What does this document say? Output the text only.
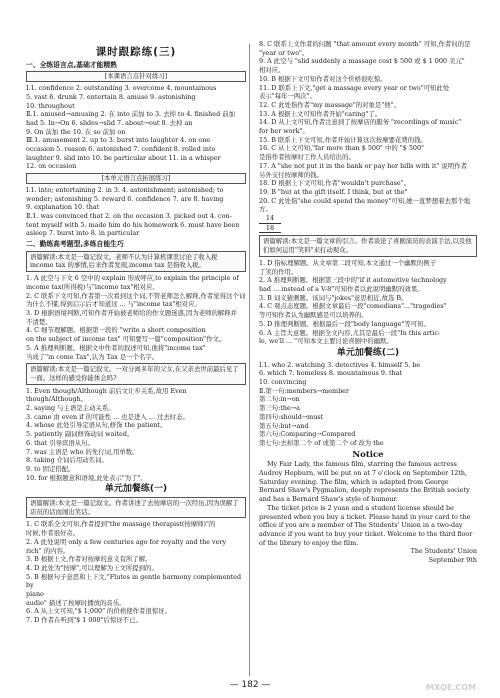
课时跟踪练(三)
一、全练语言点,基础才能精熟
[本课语言点针对练习]

Ⅰ.1. confidence 2. outstanding 3. overcome 4. mountainous

5. vast 6. drunk 7. entertain 8. amuse 9. astonishing

10. throughout

Ⅱ.1. amused→amusing 2. 在 into 前加 to 3. 去掉 to 4. finished 前加

had 5. In→On 6. slides→slid 7. about→out 8. 去掉 an

9. On 前加 the 10. 在 so 前加 on

Ⅲ.1. amusement 2. up to 3. burst into laughter 4. on one

occasion 5. reason 6. astonished 7. confident 8. rolled into

laughter 9. slid into 10. be particular about 11. in a whisper

12. on occasion

[本单元语言点拓展练习]

Ⅰ.1. into; entertaining 2. in 3. 4. astonishment; astonished; to

wonder; astonishing 5. reward 6. confidence 7. are 8. having

9. explanation 10. that

Ⅱ.1. was convinced that 2. on the occasion 3. picked out 4. con-

tent myself with 5. made him do his homework 6. must have been

asleep 7. burst into 8. in particular

二、勤练高考题型,多练自能生巧
语篇解读:本文是一篇记叙文。老师不认为计算机课里讨论了收入税 income tax 的事情,后来作者发现,income tax 是指收入税。

1. A 此空与下文 6 空中的 explain 形成呼应,to explain the principle of

income tax(所得税)与"income tax"相对应。

2. C 联系下文可知,作者第一次看到这个词,不管老师怎么解释,作者觉得这个词

为什么不懂,得到启示后才知道这 ... 与"income tax"相对应。

3. D 根据语境判断,可知作者开始被老师给的作文题迷惑,因为老师的解释并

不清楚。

4. C 细节理解题。根据第一段的 "write a short composition

on the subject of income tax" 可知要写一篇"composition"作文。

5. A 推理判断题。根据文中作者的叙述可知,他将"income tax"

当成了"in come Tax",认为 Tax 是一个名字。

语篇解读:本文是一篇记叙文。一对分离多年的父女,在父亲去世前最后见了一面。这样的感受你能体会吗?

1. Even though/Although 前后文让步关系,故用 Even though/Although。

2. saying 与主语是主动关系。

3. came 由 even if 的可能性 ... 也是进入 ... 过去时态。

4. whose 此处引导定语从句,修饰 the patient。

5. patiently 副词修饰动词 waited。

6. that 引导宾语从句。

7. was 主语是 who 的先行词,用单数。

8. taking 介词后用动名词。

9. to 固定搭配。

10. for 根据题意和语境,此处表示"为了"。

单元加餐练(一)
语篇解读:本文是一篇记叙文。作者讲述了去按摩店的一次经历,因为误解了店员的话而闹出笑话。

1. C 联系全文可知,作者提到"the massage therapist(按摩师)"的

时候,作者很好奇。

2. A 此处说明 only a few centuries ago for royalty and the very

rich" 的内容。

3. B 根据上文,作者对按摩的意义有所了解。

4. D 此处为"按摩",可以理解为上文所提到的。

5. B 根据句子意思和上下文,"Flutes in gentle harmony complemented by

piano

audio" 描述了按摩时播放的音乐。

6. A 从上文可知,"$ 1,000" 的价格使作者很惊讶。

7. D 作者在听到"$ 1 000"后惊讶不已。

8. C 联系上文作者的问题 "that amount every month" 可知,作者问的是

"year or two"。

9. A 此空与 "slid suddenly a massage cost $ 500 或 $ 1 000 美元"

相对应。

10. B 根据下文可知作者对这个价格很吃惊。

11. D 联系上下文,"get a massage every year or two"可知此处

表示"每年一两次"。

12. C 此处指作者"my massage"的对象是"他"。

13. A 根据上文可知作者开始"caring"了。

14. D 从上文可知,作者注意到了按摩店的服务 "recordings of music"

for her work"。

15. B 联系上下文可知,作者开始计算这次按摩要花费的钱。

16. C 从上文可知,"far more than $ 500" 中的 "$ 500"

是指作者按摩时工作人员给出的。

17. A "she not put it in the bank or pay her bills with it" 说明作者

另外支付按摩师的钱。

18. D 根据上下文可知,作者"wouldn't purchase"。

19. B "but at the gift itself. I think, but at the"

20. C 此处指"she could spend the money"可知,她一直梦想着去那个地方。

14

18

语篇解读:本文是一篇文章的引言。作者谈论了喜剧演员的表演手法,以及他们如何运用"笑料"来打动观众。

1. D 指标理解题。从文章第二段可知,本文通过一个幽默的例子

了笑的作用。

2. A 推理判断题。根据第三段中的"if it automotive technology

had ... instead of a V-8"可知作者以此说明幽默的效果。

3. B 词义猜测题。该词与"jokes"意思相近,故选 B。

4. C 观点态度题。根据文章最后一段"comedians"..."tragedies"

等可知作者认为幽默感是可以培养的。

5. D 推理判断题。根据最后一段"body language"等可知。

6. A 主旨大意题。根据全文内容,尤其是最后一段"In this artic-

le, we'll ... "可知本文主要讨论喜剧中的幽默。

单元加餐练(二)

Ⅰ.1. who 2. watching 3. detectives 4. himself 5. be

6. which 7. homeless 8. mountainous 9. that

10. convincing

Ⅱ.第一句:members→member

第二句:in→on

第三句:the→a

第四句:should→must

第五句:but→and

第六句:Comparing→Compared

第七句:去掉第二个 of 或第二个 of 改为 the

Notice

My Fair Lady, the famous film, starring the famous actress Audrey Hepburn, will be put on at 7 o'clock on September 12th, Saturday evening. The film, which is adapted from George Bernard Shaw's Pygmalion, deeply represents the British society and has a Bernard Shaw's style of humour.

The ticket price is 2 yuan and a student license should be presented when you buy a ticket. Please hand in your card to the office if you are a member of The Students' Union in a two-day advance if you want to buy your ticket. Welcome to the third floor of the library to enjoy the film.

The Students' Union

September 9th

— 182 —	MXQE.COM
